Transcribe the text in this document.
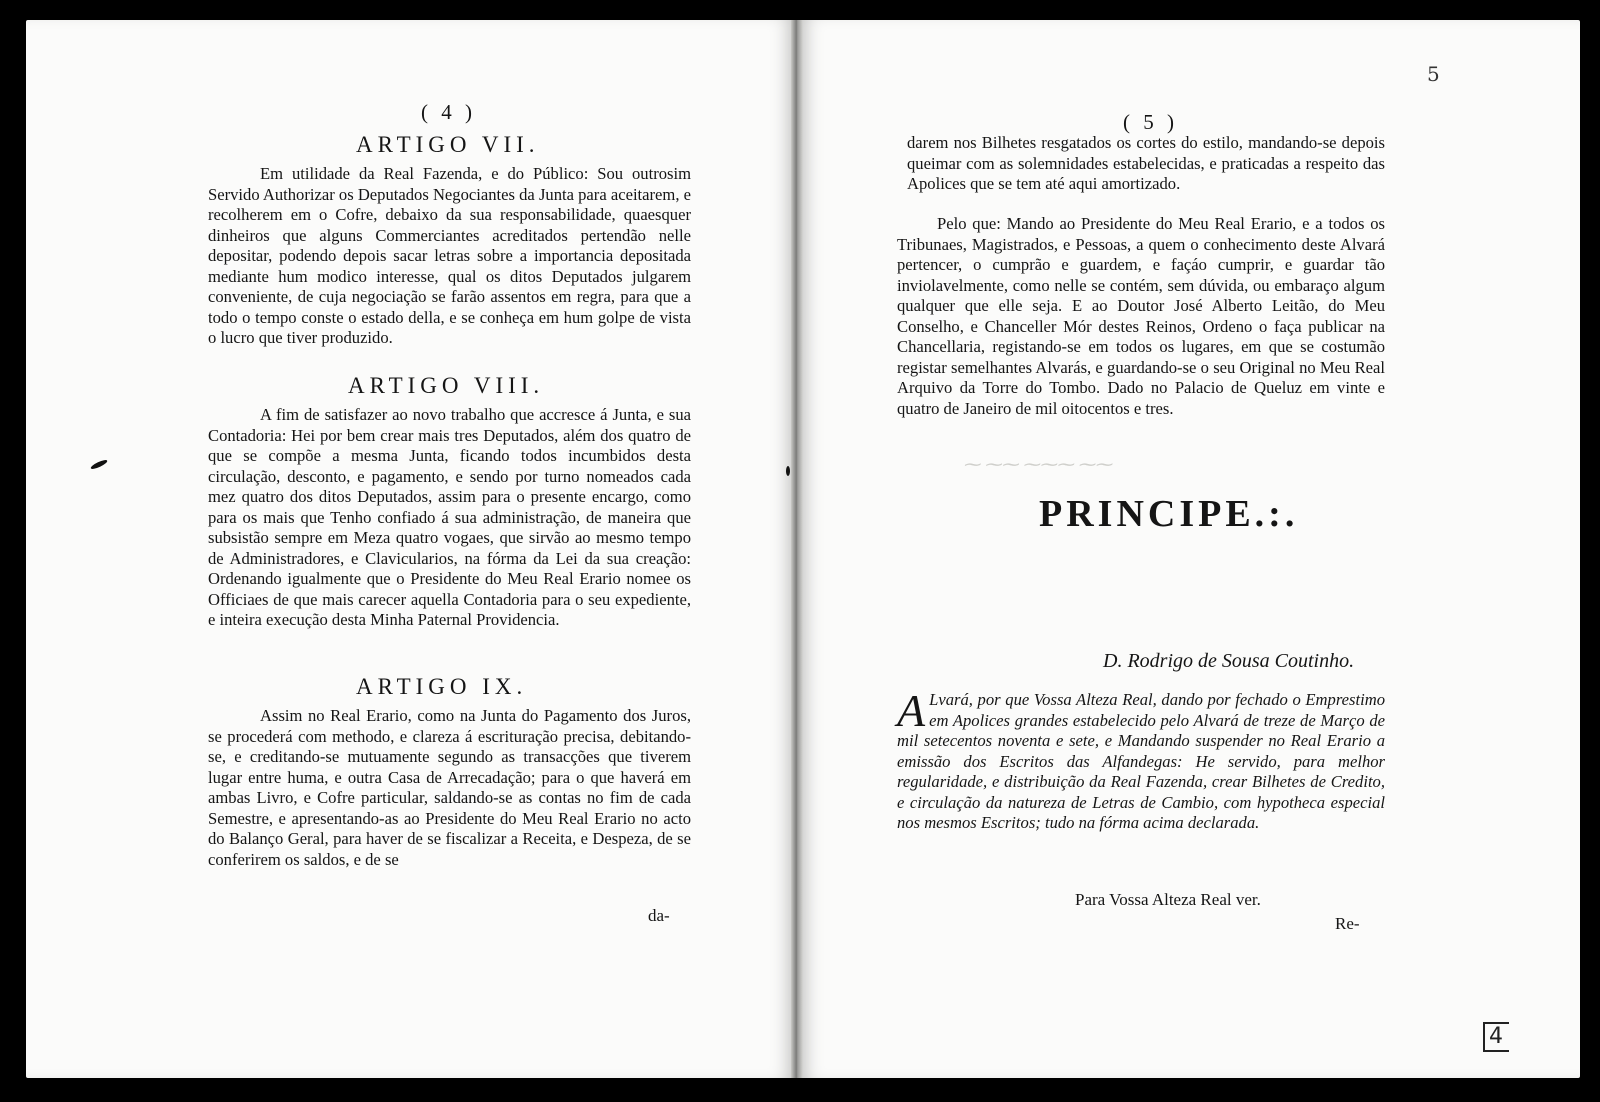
( 4 )
ARTIGO VII.

Em utilidade da Real Fazenda, e do Público: Sou outrosim Servido Authorizar os Deputados Negociantes da Junta para aceitarem, e recolherem em o Cofre, debaixo da sua responsabilidade, quaesquer dinheiros que alguns Commerciantes acreditados pertendão nelle depositar, podendo depois sacar letras sobre a importancia depositada mediante hum modico interesse, qual os ditos Deputados julgarem conveniente, de cuja negociação se farão assentos em regra, para que a todo o tempo conste o estado della, e se conheça em hum golpe de vista o lucro que tiver produzido.

ARTIGO VIII.

A fim de satisfazer ao novo trabalho que accresce á Junta, e sua Contadoria: Hei por bem crear mais tres Deputados, além dos quatro de que se compõe a mesma Junta, ficando todos incumbidos desta circulação, desconto, e pagamento, e sendo por turno nomeados cada mez quatro dos ditos Deputados, assim para o presente encargo, como para os mais que Tenho confiado á sua administração, de maneira que subsistão sempre em Meza quatro vogaes, que sirvão ao mesmo tempo de Administradores, e Clavicularios, na fórma da Lei da sua creação: Ordenando igualmente que o Presidente do Meu Real Erario nomee os Officiaes de que mais carecer aquella Contadoria para o seu expediente, e inteira execução desta Minha Paternal Providencia.

ARTIGO IX.

Assim no Real Erario, como na Junta do Pagamento dos Juros, se procederá com methodo, e clareza á escrituração precisa, debitando-se, e creditando-se mutuamente segundo as transacções que tiverem lugar entre huma, e outra Casa de Arrecadação; para o que haverá em ambas Livro, e Cofre particular, saldando-se as contas no fim de cada Semestre, e apresentando-as ao Presidente do Meu Real Erario no acto do Balanço Geral, para haver de se fiscalizar a Receita, e Despeza, de se conferirem os saldos, e de se

da-
5
( 5 )

darem nos Bilhetes resgatados os cortes do estilo, mandando-se depois queimar com as solemnidades estabelecidas, e praticadas a respeito das Apolices que se tem até aqui amortizado.

Pelo que: Mando ao Presidente do Meu Real Erario, e a todos os Tribunaes, Magistrados, e Pessoas, a quem o conhecimento deste Alvará pertencer, o cumprão e guardem, e façáo cumprir, e guardar tão inviolavelmente, como nelle se contém, sem dúvida, ou embaraço algum qualquer que elle seja. E ao Doutor José Alberto Leitão, do Meu Conselho, e Chanceller Mór destes Reinos, Ordeno o faça publicar na Chancellaria, registando-se em todos os lugares, em que se costumão registar semelhantes Alvarás, e guardando-se o seu Original no Meu Real Arquivo da Torre do Tombo. Dado no Palacio de Queluz em vinte e quatro de Janeiro de mil oitocentos e tres.

⁓ ⁓⁓ ⁓⁓⁓ ⁓⁓
PRINCIPE.:.
D. Rodrigo de Sousa Coutinho.
A Lvará, por que Vossa Alteza Real, dando por fechado o Emprestimo em Apolices grandes estabelecido pelo Alvará de treze de Março de mil setecentos noventa e sete, e Mandando suspender no Real Erario a emissão dos Escritos das Alfandegas: He servido, para melhor regularidade, e distribuição da Real Fazenda, crear Bilhetes de Credito, e circulação da natureza de Letras de Cambio, com hypotheca especial nos mesmos Escritos; tudo na fórma acima declarada.
Para Vossa Alteza Real ver.
Re-
4
